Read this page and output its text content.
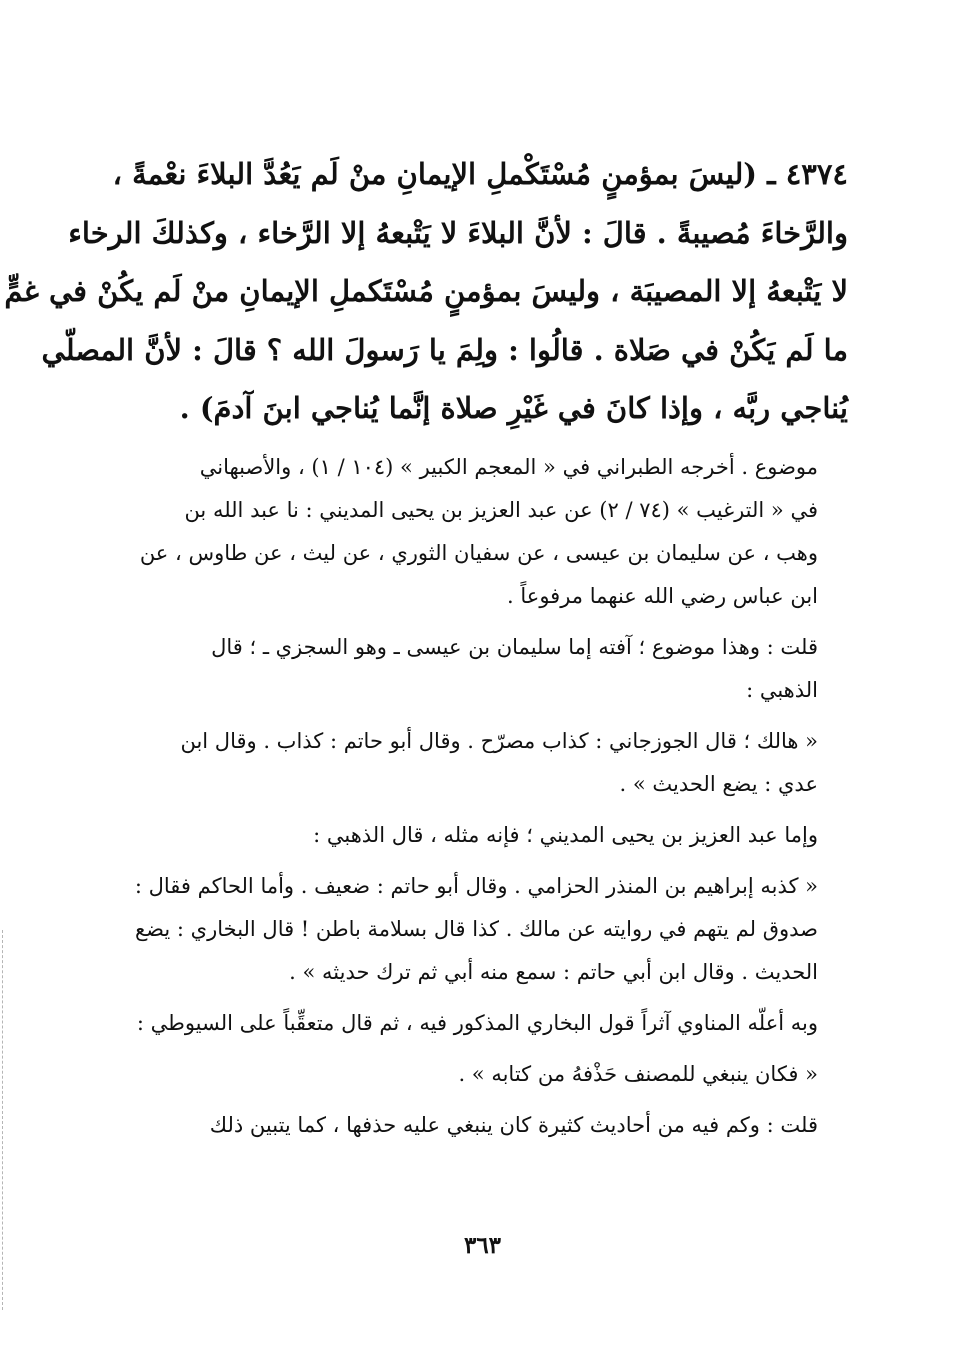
٤٣٧٤ ـ (ليسَ بمؤمنٍ مُسْتَكْملِ الإيمانِ منْ لَم يَعُدَّ البلاءَ نعْمةً ،
والرَّخاءَ مُصيبةً . قالَ : لأنَّ البلاءَ لا يَتْبعهُ إلا الرَّخاء ، وكذلكَ الرخاء
لا يَتْبعهُ إلا المصيبَة ، وليسَ بمؤمنٍ مُسْتَكملِ الإيمانِ منْ لَم يكُنْ في غمٍّ
ما لَم يَكُنْ في صَلاة . قالُوا : ولِمَ يا رَسولَ الله ؟ قالَ : لأنَّ المصلّي
يُناجي ربَّه ، وإذا كانَ في غَيْرِ صلاة إنَّما يُناجي ابنَ آدمَ) .
موضوع . أخرجه الطبراني في « المعجم الكبير » (١٠٤ / ١) ، والأصبهاني
في « الترغيب » (٧٤ / ٢) عن عبد العزيز بن يحيى المديني : نا عبد الله بن
وهب ، عن سليمان بن عيسى ، عن سفيان الثوري ، عن ليث ، عن طاوس ، عن
ابن عباس رضي الله عنهما مرفوعاً .
قلت : وهذا موضوع ؛ آفته إما سليمان بن عيسى ـ وهو السجزي ـ ؛ قال
الذهبي :
« هالك ؛ قال الجوزجاني : كذاب مصرّح . وقال أبو حاتم : كذاب . وقال ابن
عدي : يضع الحديث » .
وإما عبد العزيز بن يحيى المديني ؛ فإنه مثله ، قال الذهبي :
« كذبه إبراهيم بن المنذر الحزامي . وقال أبو حاتم : ضعيف . وأما الحاكم فقال :
صدوق لم يتهم في روايته عن مالك . كذا قال بسلامة باطن ! قال البخاري : يضع
الحديث . وقال ابن أبي حاتم : سمع منه أبي ثم ترك حديثه » .
وبه أعلّه المناوي آثراً قول البخاري المذكور فيه ، ثم قال متعقِّباً على السيوطي :
« فكان ينبغي للمصنف حَذْفهُ من كتابه » .
قلت : وكم فيه من أحاديث كثيرة كان ينبغي عليه حذفها ، كما يتبين ذلك
٣٦٣
